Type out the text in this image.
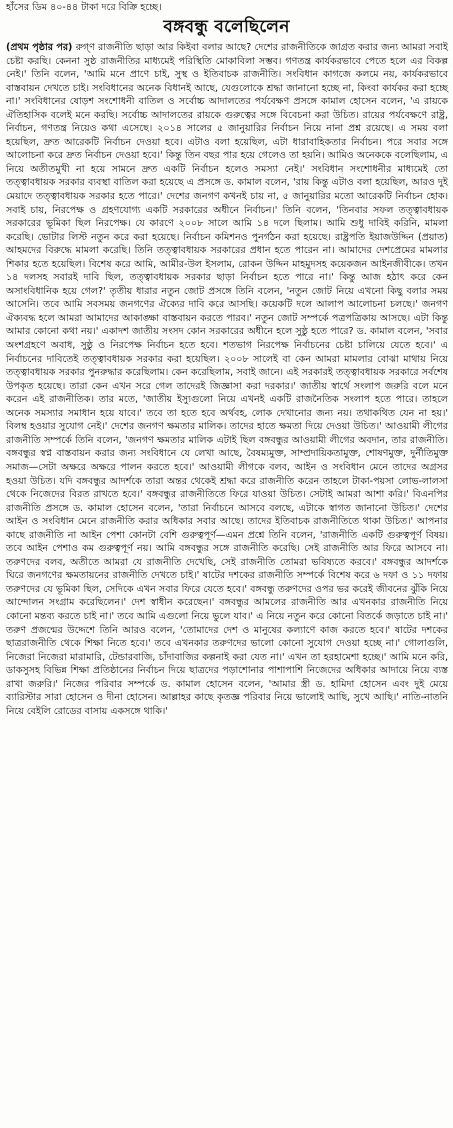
হাঁসের ডিম ৪০-৪৪ টাকা দরে বিক্রি হচ্ছে।
বঙ্গবন্ধু বলেছিলেন

(প্রথম পৃষ্ঠার পর) রুগ্ণ রাজনীতি ছাড়া আর কিইবা বলার আছে? দেশের রাজনীতিকে জাগ্রত করার জন্য আমরা সবাই চেষ্টা করছি। কেননা সুষ্ঠ রাজনীতির মাধ্যমেই পরিস্থিতি মোকাবিলা সম্ভব। গণতন্ত্র কার্যকরভাবে পেতে হলে এর বিকল্প নেই।' তিনি বলেন, 'আমি মনে প্রাণে চাই, সুস্থ ও ইতিবাচক রাজনীতি। সংবিধান কাগজে কলমে নয়, কার্যকরভাবে বাস্তবায়ন দেখতে চাই। সংবিধানের অনেক বিধানই আছে, যেগুলোকে শ্রদ্ধা জানানো হচ্ছে না, কিংবা কার্যকর করা হচ্ছে না।' সংবিধানের ষোড়শ সংশোধনী বাতিল ও সর্বোচ্চ আদালতের পর্যবেক্ষণ প্রসঙ্গে কামাল হোসেন বলেন, 'এ রায়কে ঐতিহাসিক বলেই মনে করছি। সর্বোচ্চ আদালতের রায়কে গুরুত্বের সঙ্গে বিবেচনা করা উচিত। রায়ের পর্যবেক্ষণে রাষ্ট্র, নির্বাচন, গণতন্ত্র নিয়েও কথা এসেছে। ২০১৪ সালের ৫ জানুয়ারির নির্বাচন নিয়ে নানা প্রশ্ন রয়েছে। এ সময় বলা হয়েছিল, দ্রুত আরেকটি নির্বাচন দেওয়া হবে। এটাও বলা হয়েছিল, এটা ধারাবাহিকতার নির্বাচন। পরে সবার সঙ্গে আলোচনা করে দ্রুত নির্বাচন দেওয়া হবে।' কিন্তু তিন বছর পার হয়ে গেলেও তা হয়নি। আমিও অনেককে বলেছিলাম, এ নিয়ে অতীতমুখী না হয়ে সামনে দ্রুত একটি নির্বাচন হলেও সমস্যা নেই।' সংবিধান সংশোধনীর মাধ্যমেই তো তত্ত্বাবধায়ক সরকার ব্যবস্থা বাতিল করা হয়েছে এ প্রসঙ্গে ড. কামাল বলেন, 'রায় কিন্তু এটাও বলা হয়েছিল, আরও দুই মেয়াদে তত্ত্বাবধায়ক সরকার হতে পারে।' দেশের জনগণ কখনই চায় না, ৫ জানুয়ারির মতো আরেকটি নির্বাচন হোক। সবাই চায়, নিরপেক্ষ ও গ্রহণযোগ্য একটি সরকারের অধীনে নির্বাচন।' তিনি বলেন, 'তিনবার সফল তত্ত্বাবধায়ক সরকারের ভূমিকা ছিল নিরপেক্ষ। যে কারণে ২০০৮ সালে আমি ১৪ দলে ছিলাম। আমি শুধু দাবিই করিনি, মামলা করেছি। ভোটার লিস্ট নতুন করে করা হয়েছে। নির্বাচন কমিশনও পুনর্গঠন করা হয়েছে। রাষ্ট্রপতি ইয়াজউদ্দিন (প্রয়াত) আহমদের বিরুদ্ধে মামলা করেছি। তিনি তত্ত্বাবধায়ক সরকারের প্রধান হতে পারেন না। আমাদের দেশপ্রেমের মামলার শিকার হতে হয়েছিল। বিশেষ করে আমি, আমীর-উল ইসলাম, রোকন উদ্দিন মাহমুদসহ কয়েকজন আইনজীবীকে। তখন ১৪ দলসহ সবারই দাবি ছিল, তত্ত্বাবধায়ক সরকার ছাড়া নির্বাচন হতে পারে না।' কিন্তু আজ হঠাৎ করে কেন অসাংবিধানিক হয়ে গেল?' তৃতীয় ধারার নতুন জোট প্রসঙ্গে তিনি বলেন, 'নতুন জোট নিয়ে এখনো কিছু বলার সময় আসেনি। তবে আমি সবসময় জনগণের ঐক্যের দাবি করে আসছি। কয়েকটি দলে আলাপ আলোচনা চলছে।' জনগণ ঐক্যবদ্ধ হলে আমরা আমাদের আকাঙ্ক্ষা বাস্তবায়ন করতে পারব।' নতুন জোট সম্পর্কে পত্রপত্রিকায় আসছে। এটা কিন্তু আমার কোনো কথা নয়।' একাদশ জাতীয় সংসদ কোন সরকারের অধীনে হলে সুষ্ঠু হতে পারে? ড. কামাল বলেন, 'সবার অংশগ্রহণে অবাধ, সুষ্ঠু ও নিরপেক্ষ নির্বাচন হতে হবে। শতভাগ নিরপেক্ষ নির্বাচনের চেষ্টা চালিয়ে যেতে হবে।' এ নির্বাচনের দাবিতেই তত্ত্বাবধায়ক সরকার করা হয়েছিল। ২০০৮ সালেই বা কেন আমরা মামলার বোঝা মাথায় নিয়ে তত্ত্বাবধায়ক সরকার পুনরুদ্ধার করেছিলাম। কেন করেছিলাম, সবাই জানে। এই সরকারই তত্ত্বাবধায়ক সরকারে সর্বশেষ উপকৃত হয়েছে। তারা কেন এখন সরে গেল তাদেরই জিজ্ঞাসা করা দরকার।' জাতীয় স্বার্থে সংলাপ জরুরি বলে মনে করেন এই রাজনীতিক। তার মতে, 'জাতীয় ইস্যুগুলো নিয়ে এখনই একটি রাজনৈতিক সংলাপ হতে পারে। তাহলে অনেক সমস্যার সমাধান হয়ে যাবে।' তবে তা হতে হবে অর্থবহ, লোক দেখানোর জন্য নয়। তথাকথিত যেন না হয়।' বিলম্ব হওয়ার সুযোগ নেই।' দেশের জনগণ ক্ষমতার মালিক। তাদের হাতে ক্ষমতা দিয়ে দেওয়া উচিত।' আওয়ামী লীগের রাজনীতি সম্পর্কে তিনি বলেন, 'জনগণ ক্ষমতার মালিক এটাই ছিল বঙ্গবন্ধুর আওয়ামী লীগের অবদান, তার রাজনীতি। বঙ্গবন্ধুর স্বপ্ন বাস্তবায়ন করার জন্য সংবিধানে যে লেখা আছে, বৈষম্যমুক্ত, সাম্প্রদায়িকতামুক্ত, শোষণমুক্ত, দুর্নীতিমুক্ত সমাজ—সেটা অক্ষরে অক্ষরে পালন করতে হবে।' আওয়ামী লীগকে বলব, আইন ও সংবিধান মেনে তাদের অগ্রসর হওয়া উচিত। যদি বঙ্গবন্ধুর আদর্শকে তারা অন্তর থেকেই শ্রদ্ধা করে রাজনীতি করেন তাহলে টাকা-পয়সা লোভ-লালসা থেকে নিজেদের বিরত রাখতে হবে।' বঙ্গবন্ধুর রাজনীতিতে ফিরে যাওয়া উচিত। সেটাই আমরা আশা করি।' বিএনপির রাজনীতি প্রসঙ্গে ড. কামাল হোসেন বলেন, 'তারা নির্বাচনে আসবে বলছে, এটাকে স্বাগত জানানো উচিত।' দেশের আইন ও সংবিধান মেনে রাজনীতি করার অধিকার সবার আছে। তাদের ইতিবাচক রাজনীতিতে থাকা উচিত।' আপনার কাছে রাজনীতি না আইন পেশা কোনটা বেশি গুরুত্বপূর্ণ—এমন প্রশ্নে তিনি বলেন, 'রাজনীতি একটি গুরুত্বপূর্ণ বিষয়। তবে আইন পেশাও কম গুরুত্বপূর্ণ নয়। আমি বঙ্গবন্ধুর সঙ্গে রাজনীতি করেছি। সেই রাজনীতি আর ফিরে আসবে না। তরুণদের বলব, অতীতে আমরা যে রাজনীতি দেখেছি, সেই রাজনীতি তোমরা ভবিষ্যতে করবে।' বঙ্গবন্ধুর আদর্শকে ঘিরে জনগণের ক্ষমতায়নের রাজনীতি দেখতে চাই।' ষাটের দশকের রাজনীতি সম্পর্কে বিশেষ করে ৬ দফা ও ১১ দফায় তরুণদের যে ভূমিকা ছিল, সেদিকে এখন সবার ফিরে যেতে হবে।' বঙ্গবন্ধু তরুণদের ওপর ভর করেই জীবনের ঝুঁকি নিয়ে আন্দোলন সংগ্রাম করেছিলেন।' দেশ স্বাধীন করেছেন।' বঙ্গবন্ধুর আমলের রাজনীতি আর এখনকার রাজনীতি নিয়ে কোনো মন্তব্য করতে চাই না।' তবে আমি এগুলো নিয়ে ভুলে যাব।' এ নিয়ে নতুন করে কোনো বিতর্কে জড়াতে চাই না।' তরুণ প্রজন্মের উদ্দেশে তিনি আরও বলেন, 'তোমাদের দেশ ও মানুষের কল্যাণে কাজ করতে হবে।' ষাটের দশকের ছাত্ররাজনীতি থেকে শিক্ষা নিতে হবে।' তবে এখনকার তরুণদের ভালো কোনো সুযোগ দেওয়া হচ্ছে না।' গোলাগুলি, নিজেরা নিজেরা মারামারি, টেন্ডারবাজি, চাঁদাবাজির কল্পনাই করা যেত না।' এখন তা হরহামেশা হচ্ছে।' আমি মনে করি, ডাকসুসহ বিভিন্ন শিক্ষা প্রতিষ্ঠানের নির্বাচন দিয়ে ছাত্রদের পড়াশোনার পাশাপাশি নিজেদের অধিকার আদায়ে নিয়ে ব্যস্ত রাখা জরুরি।' নিজের পরিবার সম্পর্কে ড. কামাল হোসেন বলেন, 'আমার স্ত্রী ড. হামিদা হোসেন এবং দুই মেয়ে ব্যারিস্টার সারা হোসেন ও দীনা হোসেন। আল্লাহর কাছে কৃতজ্ঞ পরিবার নিয়ে ভালোই আছি, সুখে আছি।' নাতি-নাতনি নিয়ে বেইলি রোডের বাসায় একসঙ্গে থাকি।'
